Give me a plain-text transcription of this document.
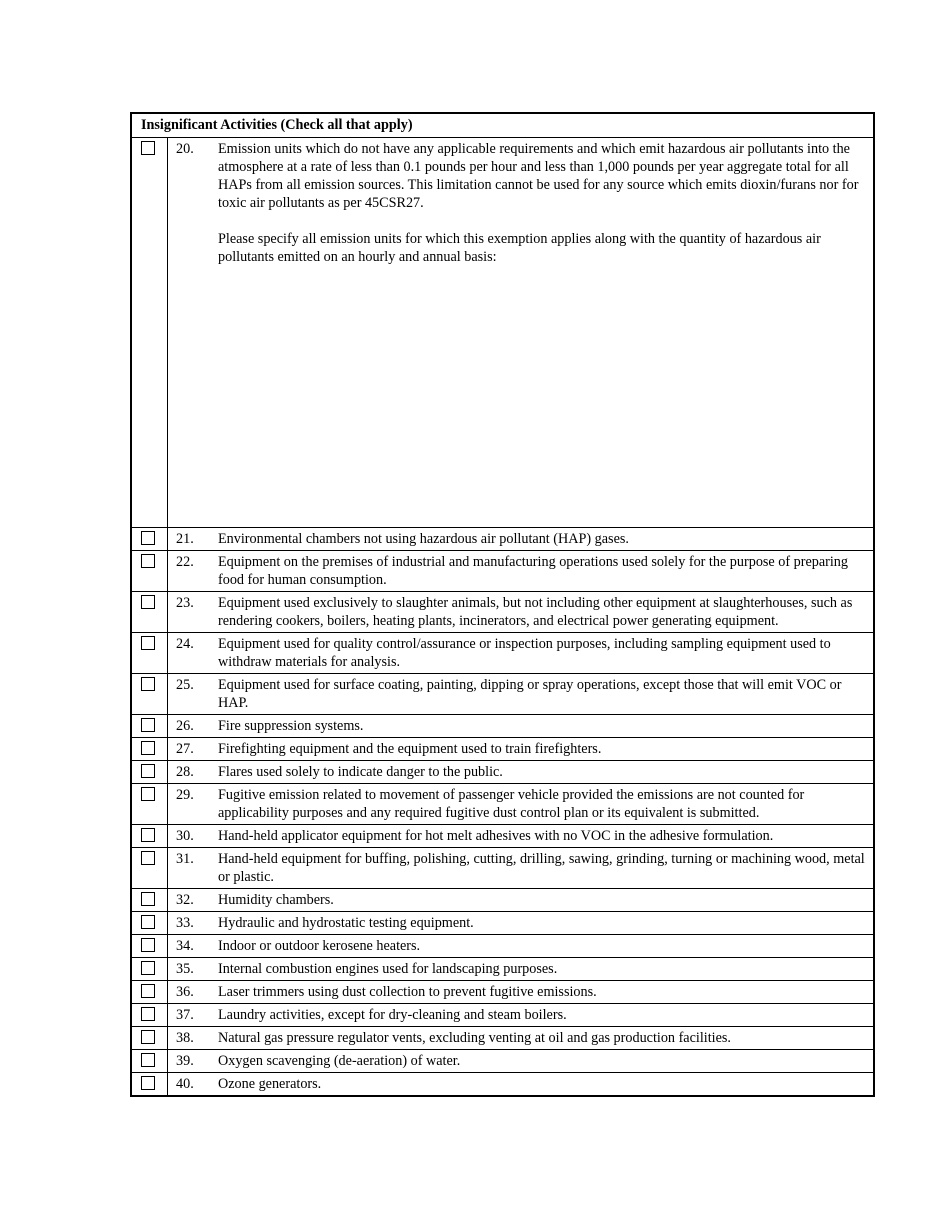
Insignificant Activities (Check all that apply)
20.	Emission units which do not have any applicable requirements and which emit hazardous air pollutants into the atmosphere at a rate of less than 0.1 pounds per hour and less than 1,000 pounds per year aggregate total for all HAPs from all emission sources. This limitation cannot be used for any source which emits dioxin/furans nor for toxic air pollutants as per 45CSR27.

Please specify all emission units for which this exemption applies along with the quantity of hazardous air pollutants emitted on an hourly and annual basis:

21.	Environmental chambers not using hazardous air pollutant (HAP) gases.

22.	Equipment on the premises of industrial and manufacturing operations used solely for the purpose of preparing food for human consumption.

23.	Equipment used exclusively to slaughter animals, but not including other equipment at slaughterhouses, such as rendering cookers, boilers, heating plants, incinerators, and electrical power generating equipment.

24.	Equipment used for quality control/assurance or inspection purposes, including sampling equipment used to withdraw materials for analysis.

25.	Equipment used for surface coating, painting, dipping or spray operations, except those that will emit VOC or HAP.

26.	Fire suppression systems.

27.	Firefighting equipment and the equipment used to train firefighters.

28.	Flares used solely to indicate danger to the public.

29.	Fugitive emission related to movement of passenger vehicle provided the emissions are not counted for applicability purposes and any required fugitive dust control plan or its equivalent is submitted.

30.	Hand-held applicator equipment for hot melt adhesives with no VOC in the adhesive formulation.

31.	Hand-held equipment for buffing, polishing, cutting, drilling, sawing, grinding, turning or machining wood, metal or plastic.

32.	Humidity chambers.

33.	Hydraulic and hydrostatic testing equipment.

34.	Indoor or outdoor kerosene heaters.

35.	Internal combustion engines used for landscaping purposes.

36.	Laser trimmers using dust collection to prevent fugitive emissions.

37.	Laundry activities, except for dry-cleaning and steam boilers.

38.	Natural gas pressure regulator vents, excluding venting at oil and gas production facilities.

39.	Oxygen scavenging (de-aeration) of water.

40.	Ozone generators.
